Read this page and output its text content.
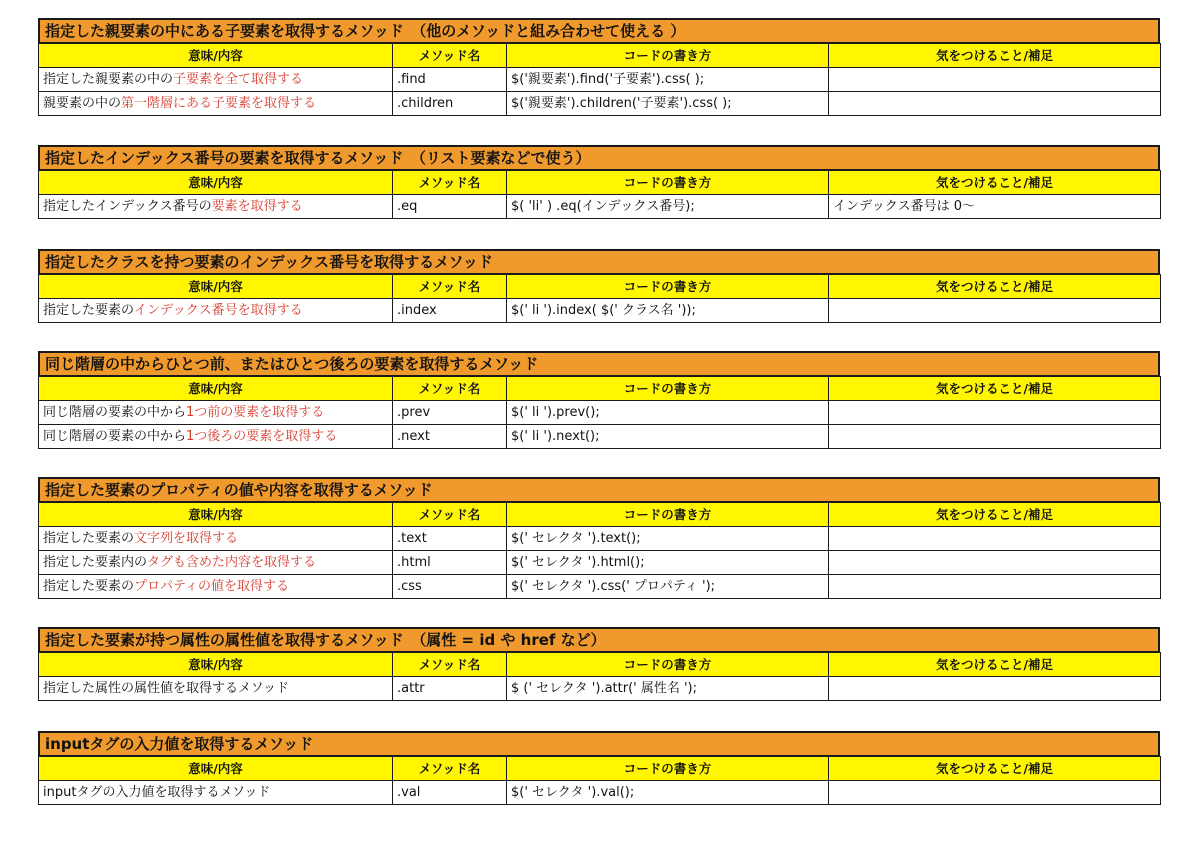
指定した親要素の中にある子要素を取得するメソッド　（他のメソッドと組み合わせて使える ）
意味/内容	メソッド名	コードの書き方	気をつけること/補足
指定した親要素の中の子要素を全て取得する	.find	$('親要素').find('子要素').css( );	
親要素の中の第一階層にある子要素を取得する	.children	$('親要素').children('子要素').css( );	
指定したインデックス番号の要素を取得するメソッド　（リスト要素などで使う）
意味/内容	メソッド名	コードの書き方	気をつけること/補足
指定したインデックス番号の要素を取得する	.eq	$( 'li' ) .eq(インデックス番号);	インデックス番号は 0〜
指定したクラスを持つ要素のインデックス番号を取得するメソッド
意味/内容	メソッド名	コードの書き方	気をつけること/補足
指定した要素のインデックス番号を取得する	.index	$(' li ').index( $(' クラス名 '));	
同じ階層の中からひとつ前、またはひとつ後ろの要素を取得するメソッド
意味/内容	メソッド名	コードの書き方	気をつけること/補足
同じ階層の要素の中から1つ前の要素を取得する	.prev	$(' li ').prev();	
同じ階層の要素の中から1つ後ろの要素を取得する	.next	$(' li ').next();	
指定した要素のプロパティの値や内容を取得するメソッド
意味/内容	メソッド名	コードの書き方	気をつけること/補足
指定した要素の文字列を取得する	.text	$(' セレクタ ').text();	
指定した要素内のタグも含めた内容を取得する	.html	$(' セレクタ ').html();	
指定した要素のプロパティの値を取得する	.css	$(' セレクタ ').css(' プロパティ ');	
指定した要素が持つ属性の属性値を取得するメソッド　（属性 = id や href など）
意味/内容	メソッド名	コードの書き方	気をつけること/補足
指定した属性の属性値を取得するメソッド	.attr	$ (' セレクタ ').attr(' 属性名 ');	
inputタグの入力値を取得するメソッド
意味/内容	メソッド名	コードの書き方	気をつけること/補足
inputタグの入力値を取得するメソッド	.val	$(' セレクタ ').val();	
